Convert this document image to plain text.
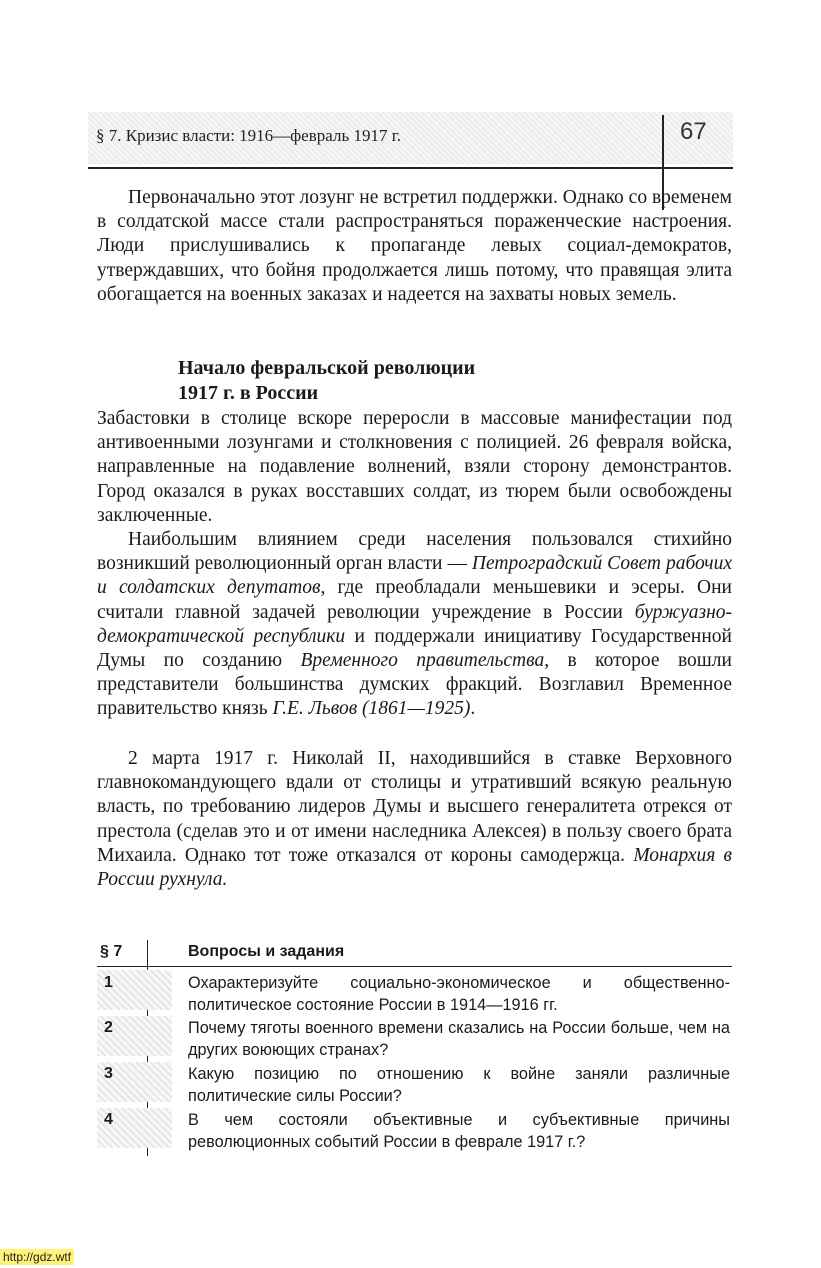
§ 7. Кризис власти: 1916—февраль 1917 г.	67

Первоначально этот лозунг не встретил поддержки. Однако со временем в солдатской массе стали распространяться пораженческие настроения. Люди прислушивались к пропаганде левых социал-демократов, утверждавших, что бойня продолжается лишь потому, что правящая элита обогащается на военных заказах и надеется на захваты новых земель.

Начало февральской революции
1917 г. в России

Забастовки в столице вскоре переросли в массовые манифестации под антивоенными лозунгами и столкновения с полицией. 26 февраля войска, направленные на подавление волнений, взяли сторону демонстрантов. Город оказался в руках восставших солдат, из тюрем были освобождены заключенные.

Наибольшим влиянием среди населения пользовался стихийно возникший революционный орган власти — Петроградский Совет рабочих и солдатских депутатов, где преобладали меньшевики и эсеры. Они считали главной задачей революции учреждение в России буржуазно-демократической республики и поддержали инициативу Государственной Думы по созданию Временного правительства, в которое вошли представители большинства думских фракций. Возглавил Временное правительство князь Г.Е. Львов (1861—1925).

2 марта 1917 г. Николай II, находившийся в ставке Верховного главнокомандующего вдали от столицы и утративший всякую реальную власть, по требованию лидеров Думы и высшего генералитета отрекся от престола (сделав это и от имени наследника Алексея) в пользу своего брата Михаила. Однако тот тоже отказался от короны самодержца. Монархия в России рухнула.

§ 7	Вопросы и задания
1	Охарактеризуйте социально-экономическое и общественно-политическое состояние России в 1914—1916 гг.

2	Почему тяготы военного времени сказались на России больше, чем на других воюющих странах?

3	Какую позицию по отношению к войне заняли различные политические силы России?

4	В чем состояли объективные и субъективные причины революционных событий России в феврале 1917 г.?

http://gdz.wtf
